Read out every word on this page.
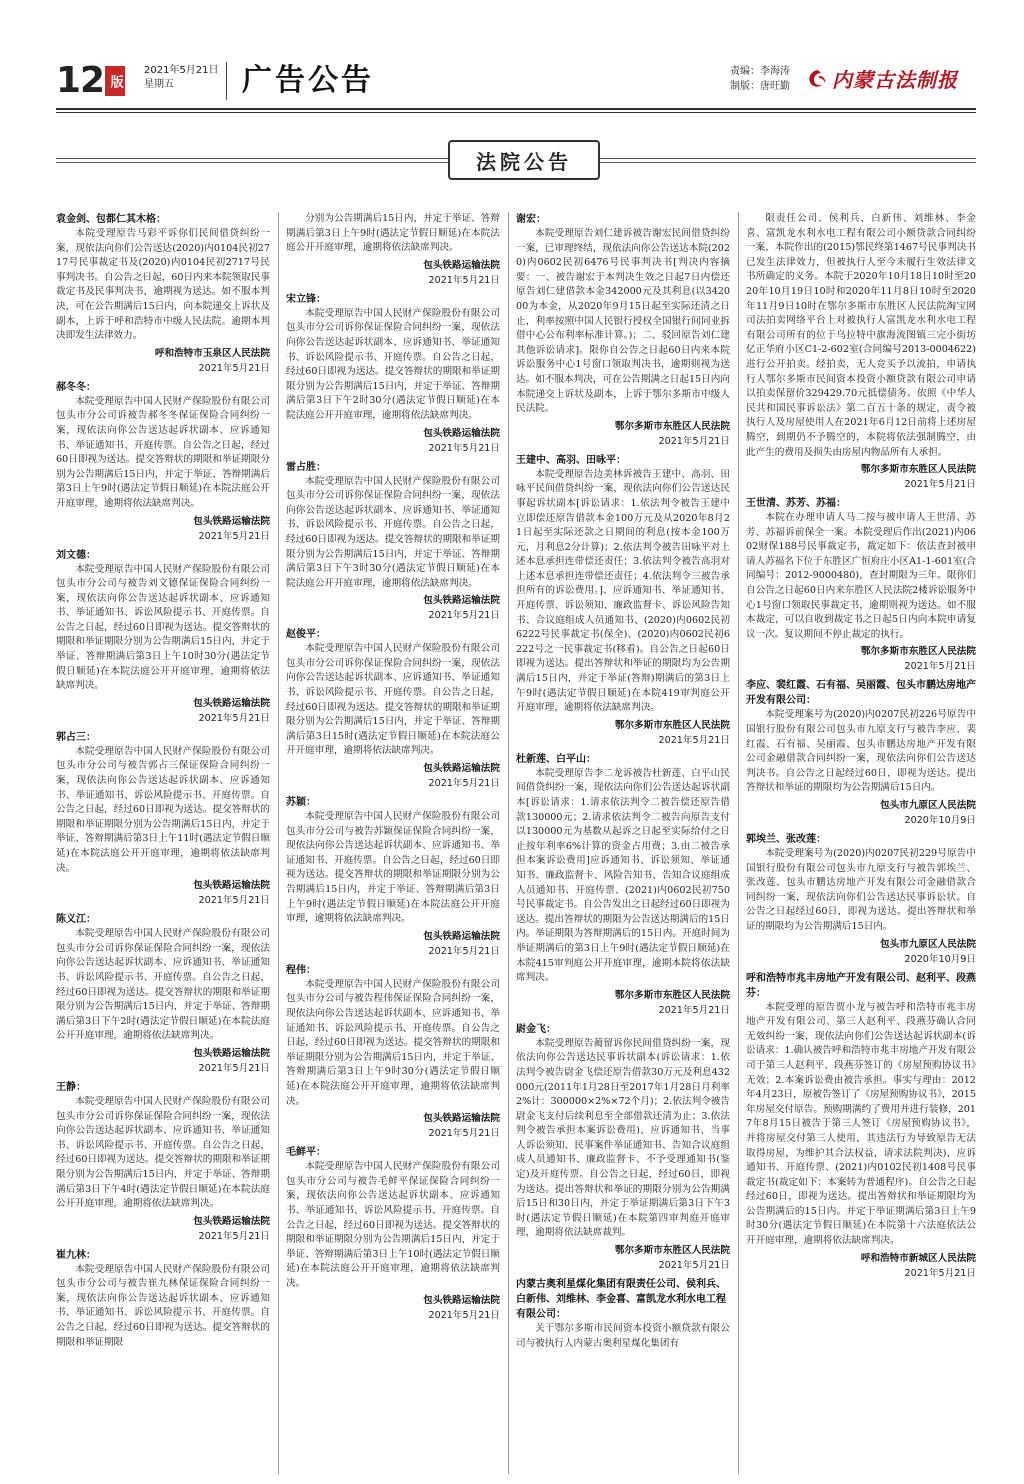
12 版
2021年5月21日
星期五	广告公告	责编：李海涛
制版：唐旺勤 内蒙古法制报
法院公告
袁金剑、包都仁其木格：
本院受理原告马彩平诉你们民间借贷纠纷一案，现依法向你们公告送达(2020)内0104民初2717号民事裁定书及(2020)内0104民初2717号民事判决书。自公告之日起，60日内来本院领取民事裁定书及民事判决书，逾期视为送达。如不服本判决，可在公告期满后15日内，向本院递交上诉状及副本，上诉于呼和浩特市中级人民法院。逾期本判决即发生法律效力。
呼和浩特市玉泉区人民法院
2021年5月21日
郝冬冬：
本院受理原告中国人民财产保险股份有限公司包头市分公司诉被告郝冬冬保证保险合同纠纷一案，现依法向你公告送达起诉状副本、应诉通知书、举证通知书、开庭传票。自公告之日起，经过60日即视为送达。提交答辩状的期限和举证期限分别为公告期满后15日内，并定于举证、答辩期满后第3日上午9时(遇法定节假日顺延)在本院法庭公开开庭审理，逾期将依法缺席判决。
包头铁路运输法院
2021年5月21日
刘文德：
本院受理原告中国人民财产保险股份有限公司包头市分公司与被告刘文德保证保险合同纠纷一案，现依法向你公告送达起诉状副本、应诉通知书、举证通知书、诉讼风险提示书、开庭传票。自公告之日起，经过60日即视为送达。提交答辩状的期限和举证期限分别为公告期满后15日内，并定于举证、答辩期满后第3日上午10时30分(遇法定节假日顺延)在本院法庭公开开庭审理，逾期将依法缺席判决。
包头铁路运输法院
2021年5月21日
郭占三：
本院受理原告中国人民财产保险股份有限公司包头市分公司与被告郭占三保证保险合同纠纷一案，现依法向你公告送达起诉状副本、应诉通知书、举证通知书、诉讼风险提示书、开庭传票。自公告之日起，经过60日即视为送达。提交答辩状的期限和举证期限分别为公告期满后15日内，并定于举证、答辩期满后第3日上午11时(遇法定节假日顺延)在本院法庭公开开庭审理，逾期将依法缺席判决。
包头铁路运输法院
2021年5月21日
陈义江：
本院受理原告中国人民财产保险股份有限公司包头市分公司诉你保证保险合同纠纷一案，现依法向你公告送达起诉状副本、应诉通知书、举证通知书、诉讼风险提示书、开庭传票。自公告之日起，经过60日即视为送达。提交答辩状的期限和举证期限分别为公告期满后15日内，并定于举证、答辩期满后第3日下午2时(遇法定节假日顺延)在本院法庭公开开庭审理，逾期将依法缺席判决。
包头铁路运输法院
2021年5月21日
王静：
本院受理原告中国人民财产保险股份有限公司包头市分公司诉你保证保险合同纠纷一案，现依法向你公告送达起诉状副本、应诉通知书、举证通知书、诉讼风险提示书、开庭传票。自公告之日起，经过60日即视为送达。提交答辩状的期限和举证期限分别为公告期满后15日内，并定于举证、答辩期满后第3日下午4时(遇法定节假日顺延)在本院法庭公开开庭审理，逾期将依法缺席判决。
包头铁路运输法院
2021年5月21日
崔九林：
本院受理原告中国人民财产保险股份有限公司包头市分公司与被告崔九林保证保险合同纠纷一案，现依法向你公告送达起诉状副本、应诉通知书、举证通知书、诉讼风险提示书、开庭传票。自公告之日起，经过60日即视为送达。提交答辩状的期限和举证期限
分别为公告期满后15日内，并定于举证、答辩期满后第3日上午9时(遇法定节假日顺延)在本院法庭公开开庭审理，逾期将依法缺席判决。
包头铁路运输法院
2021年5月21日
宋立锋：
本院受理原告中国人民财产保险股份有限公司包头市分公司诉你保证保险合同纠纷一案，现依法向你公告送达起诉状副本、应诉通知书、举证通知书、诉讼风险提示书、开庭传票。自公告之日起，经过60日即视为送达。提交答辩状的期限和举证期限分别为公告期满后15日内，并定于举证、答辩期满后第3日下午2时30分(遇法定节假日顺延)在本院法庭公开开庭审理，逾期将依法缺席判决。
包头铁路运输法院
2021年5月21日
雷占胜：
本院受理原告中国人民财产保险股份有限公司包头市分公司诉你保证保险合同纠纷一案，现依法向你公告送达起诉状副本、应诉通知书、举证通知书、诉讼风险提示书、开庭传票。自公告之日起，经过60日即视为送达。提交答辩状的期限和举证期限分别为公告期满后15日内，并定于举证、答辩期满后第3日下午3时30分(遇法定节假日顺延)在本院法庭公开开庭审理，逾期将依法缺席判决。
包头铁路运输法院
2021年5月21日
赵俊平：
本院受理原告中国人民财产保险股份有限公司包头市分公司诉你保证保险合同纠纷一案，现依法向你公告送达起诉状副本、应诉通知书、举证通知书、诉讼风险提示书、开庭传票。自公告之日起，经过60日即视为送达。提交答辩状的期限和举证期限分别为公告期满后15日内，并定于举证、答辩期满后第3日15时(遇法定节假日顺延)在本院法庭公开开庭审理，逾期将依法缺席判决。
包头铁路运输法院
2021年5月21日
苏颖：
本院受理原告中国人民财产保险股份有限公司包头市分公司与被告苏颖保证保险合同纠纷一案，现依法向你公告送达起诉状副本、应诉通知书、举证通知书、开庭传票。自公告之日起，经过60日即视为送达。提交答辩状的期限和举证期限分别为公告期满后15日内，并定于举证、答辩期满后第3日上午9时(遇法定节假日顺延)在本院法庭公开开庭审理，逾期将依法缺席判决。
包头铁路运输法院
2021年5月21日
程伟：
本院受理原告中国人民财产保险股份有限公司包头市分公司与被告程伟保证保险合同纠纷一案，现依法向你公告送达起诉状副本、应诉通知书、举证通知书、诉讼风险提示书、开庭传票。自公告之日起，经过60日即视为送达。提交答辩状的期限和举证期限分别为公告期满后15日内，并定于举证、答辩期满后第3日上午9时30分(遇法定节假日顺延)在本院法庭公开开庭审理，逾期将依法缺席判决。
包头铁路运输法院
2021年5月21日
毛鲜平：
本院受理原告中国人民财产保险股份有限公司包头市分公司与被告毛鲜平保证保险合同纠纷一案，现依法向你公告送达起诉状副本、应诉通知书、举证通知书、诉讼风险提示书、开庭传票。自公告之日起，经过60日即视为送达。提交答辩状的期限和举证期限分别为公告期满后15日内，并定于举证、答辩期满后第3日上午10时(遇法定节假日顺延)在本院法庭公开开庭审理，逾期将依法缺席判决。
包头铁路运输法院
2021年5月21日
谢宏：
本院受理原告刘仁建诉被告谢宏民间借贷纠纷一案，已审理终结，现依法向你公告送达本院(2020)内0602民初6476号民事判决书[判决内容摘要：一、被告谢宏于本判决生效之日起7日内偿还原告刘仁建借款本金342000元及其利息(以342000为本金，从2020年9月15日起至实际还清之日止，利率按照中国人民银行授权全国银行间同业拆借中心公布利率标准计算。)；二、驳回原告刘仁建其他诉讼请求]。限你自公告之日起60日内来本院诉讼服务中心1号窗口领取判决书，逾期则视为送达。如不服本判决，可在公告期满之日起15日内向本院递交上诉状及副本，上诉于鄂尔多斯市中级人民法院。
鄂尔多斯市东胜区人民法院
2021年5月21日
王建中、高羽、田咏平：
本院受理原告边美林诉被告王建中、高羽、田咏平民间借贷纠纷一案，现依法向你们公告送达民事起诉状副本[诉讼请求：1.依法判令被告王建中立即偿还原告借款本金100万元及从2020年8月21日起至实际还款之日期间的利息(按本金100万元，月利息2分计算)；2.依法判令被告田咏平对上述本息承担连带偿还责任；3.依法判令被告高羽对上述本息承担连带偿还责任；4.依法判令三被告承担所有的诉讼费用。]、应诉通知书、举证通知书、开庭传票、诉讼须知、廉政监督卡、诉讼风险告知书、合议庭组成人员通知书、(2020)内0602民初6222号民事裁定书(保全)、(2020)内0602民初6222号之一民事裁定书(移看)。自公告之日起60日即视为送达。提出答辩状和举证的期限均为公告期满后15日内，并定于举证(答辩)期满后的第3日上午9时(遇法定节假日顺延)在本院419审判庭公开开庭审理，逾期将依法缺席判决。
鄂尔多斯市东胜区人民法院
2021年5月21日
杜新莲、白平山：
本院受理原告李二龙诉被告杜新莲、白平山民间借贷纠纷一案，现依法向你们公告送达起诉状副本[诉讼请求：1.请求依法判令二被告偿还原告借款130000元；2.请求依法判令二被告向原告支付以130000元为基数从起诉之日起至实际给付之日止按年利率6%计算的资金占用费；3.由二被告承担本案诉讼费用]应诉通知书、诉讼须知、举证通知书、廉政监督卡、风险告知书、告知合议庭组成人员通知书、开庭传票、(2021)内0602民初750号民事裁定书。自公告发出之日起经过60日即视为送达。提出答辩状的期限为公告送达期满后的15日内。举证期限为答辩期满后的15日内。开庭时间为举证期满后的第3日上午9时(遇法定节假日顺延)在本院415审判庭公开开庭审理，逾期本院将依法缺席判决。
鄂尔多斯市东胜区人民法院
2021年5月21日
尉金飞：
本院受理原告蔺留诉你民间借贷纠纷一案，现依法向你公告送达民事诉状副本(诉讼请求：1.依法判令被告尉金飞偿还原告借款30万元及利息432000元(2011年1月28日至2017年1月28日月利率2%计：300000×2%×72个月)；2.依法判令被告尉金飞支付后续利息至全部借款还清为止；3.依法判令被告承担本案诉讼费用)、应诉通知书、当事人诉讼须知、民事案件举证通知书、告知合议庭组成人员通知书、廉政监督卡、不予受理通知书(鉴定)及开庭传票。自公告之日起，经过60日，即视为送达。提出答辩状和举证的期限分别为公告期满后15日和30日内，并定于举证期满后第3日下午3时(遇法定节假日顺延)在本院第四审判庭开庭审理，逾期将依法缺席裁判。
鄂尔多斯市东胜区人民法院
2021年5月21日
内蒙古奥利星煤化集团有限责任公司、侯利兵、白新伟、刘维林、李金喜、富凯龙水利水电工程有限公司：
关于鄂尔多斯市民间资本投资小额贷款有限公司与被执行人内蒙古奥利星煤化集团有
限责任公司、侯利兵、白新伟、刘维林、李金喜、富凯龙水利水电工程有限公司小额贷款合同纠纷一案，本院作出的(2015)鄂民终第1467号民事判决书已发生法律效力，但被执行人至今未履行生效法律文书所确定的义务。本院于2020年10月18日10时至2020年10月19日10时和2020年11月8日10时至2020年11月9日10时在鄂尔多斯市东胜区人民法院淘宝网司法拍卖网络平台上对被执行人富凯龙水利水电工程有限公司所有的位于乌拉特中旗海流图镇三完小街坊亿正华府小区C1-2-602室(合同编号2013-0004622)进行公开拍卖。经拍卖，无人竞买予以流拍，申请执行人鄂尔多斯市民间资本投资小额贷款有限公司申请以拍卖保留价329429.70元抵偿债务。依照《中华人民共和国民事诉讼法》第二百五十条的规定，责令被执行人及房屋使用人在2021年6月12日前将上述房屋腾空，到期仍不予腾空的，本院将依法强制腾空，由此产生的费用及损失由房屋内物品所有人承担。
鄂尔多斯市东胜区人民法院
2021年5月21日
王世清、苏芳、苏福：
本院在办理申请人马二按与被申请人王世清、苏芳、苏福诉前保全一案。本院受理后作出(2021)内0602财保188号民事裁定书，裁定如下：依法查封被申请人苏福名下位于东胜区广恒府庄小区A1-1-601室(合同编号：2012-9000480)，查封期限为三年。限你们自公告之日起60日内来东胜区人民法院2楼诉讼服务中心1号窗口领取民事裁定书，逾期则视为送达。如不服本裁定，可以自收到裁定书之日起5日内向本院申请复议一次。复议期间不停止裁定的执行。
鄂尔多斯市东胜区人民法院
2021年5月21日
李应、裴红霞、石有福、吴丽霞、包头市鹏达房地产开发有限公司：
本院受理案号为(2020)内0207民初226号原告中国银行股份有限公司包头市九原支行与被告李应、裴红霞、石有福、吴丽霞、包头市鹏达房地产开发有限公司金融借款合同纠纷一案，现依法向你们公告送达判决书。自公告之日起经过60日，即视为送达。提出答辩状和举证的期限均为公告期满后15日内。
包头市九原区人民法院
2020年10月9日
郭埃兰、张改莲：
本院受理案号为(2020)内0207民初229号原告中国银行股份有限公司包头市九原支行与被告郭埃兰、张改莲、包头市鹏达房地产开发有限公司金融借款合同纠纷一案，现依法向你们公告送达民事诉讼状。自公告之日起经过60日，即视为送达。提出答辩状和举证的期限均为公告期满后15日内。
包头市九原区人民法院
2020年10月9日
呼和浩特市兆丰房地产开发有限公司、赵利平、段燕芬：
本院受理的原告贾小龙与被告呼和浩特市兆丰房地产开发有限公司、第三人赵利平、段燕芬确认合同无效纠纷一案，现依法向你们公告送达起诉状副本(诉讼请求：1.确认被告呼和浩特市兆丰房地产开发有限公司于第三人赵利平、段燕芬签订的《房屋预购协议书》无效；2.本案诉讼费由被告承担。事实与理由：2012年4月23日，原被告签订了《房屋预购协议书》，2015年房屋交付原告。预购期满约了费用并进行装修，2017年8月15日被告于第三人签订《房屋预购协议书》，并将房屋交付第三人使用，其违法行为导致原告无法取得房屋，为维护其合法权益，请求法院判决)，应诉通知书、开庭传票、(2021)内0102民初1408号民事裁定书(裁定如下：本案转为普通程序)。自公告之日起经过60日，即视为送达。提出答辩状和举证期限均为公告期满后的15日内。并定于举证期满后第3日上午9时30分(遇法定节假日顺延)在本院第十六法庭依法公开开庭审理，逾期将依法缺席判决。
呼和浩特市新城区人民法院
2021年5月21日
